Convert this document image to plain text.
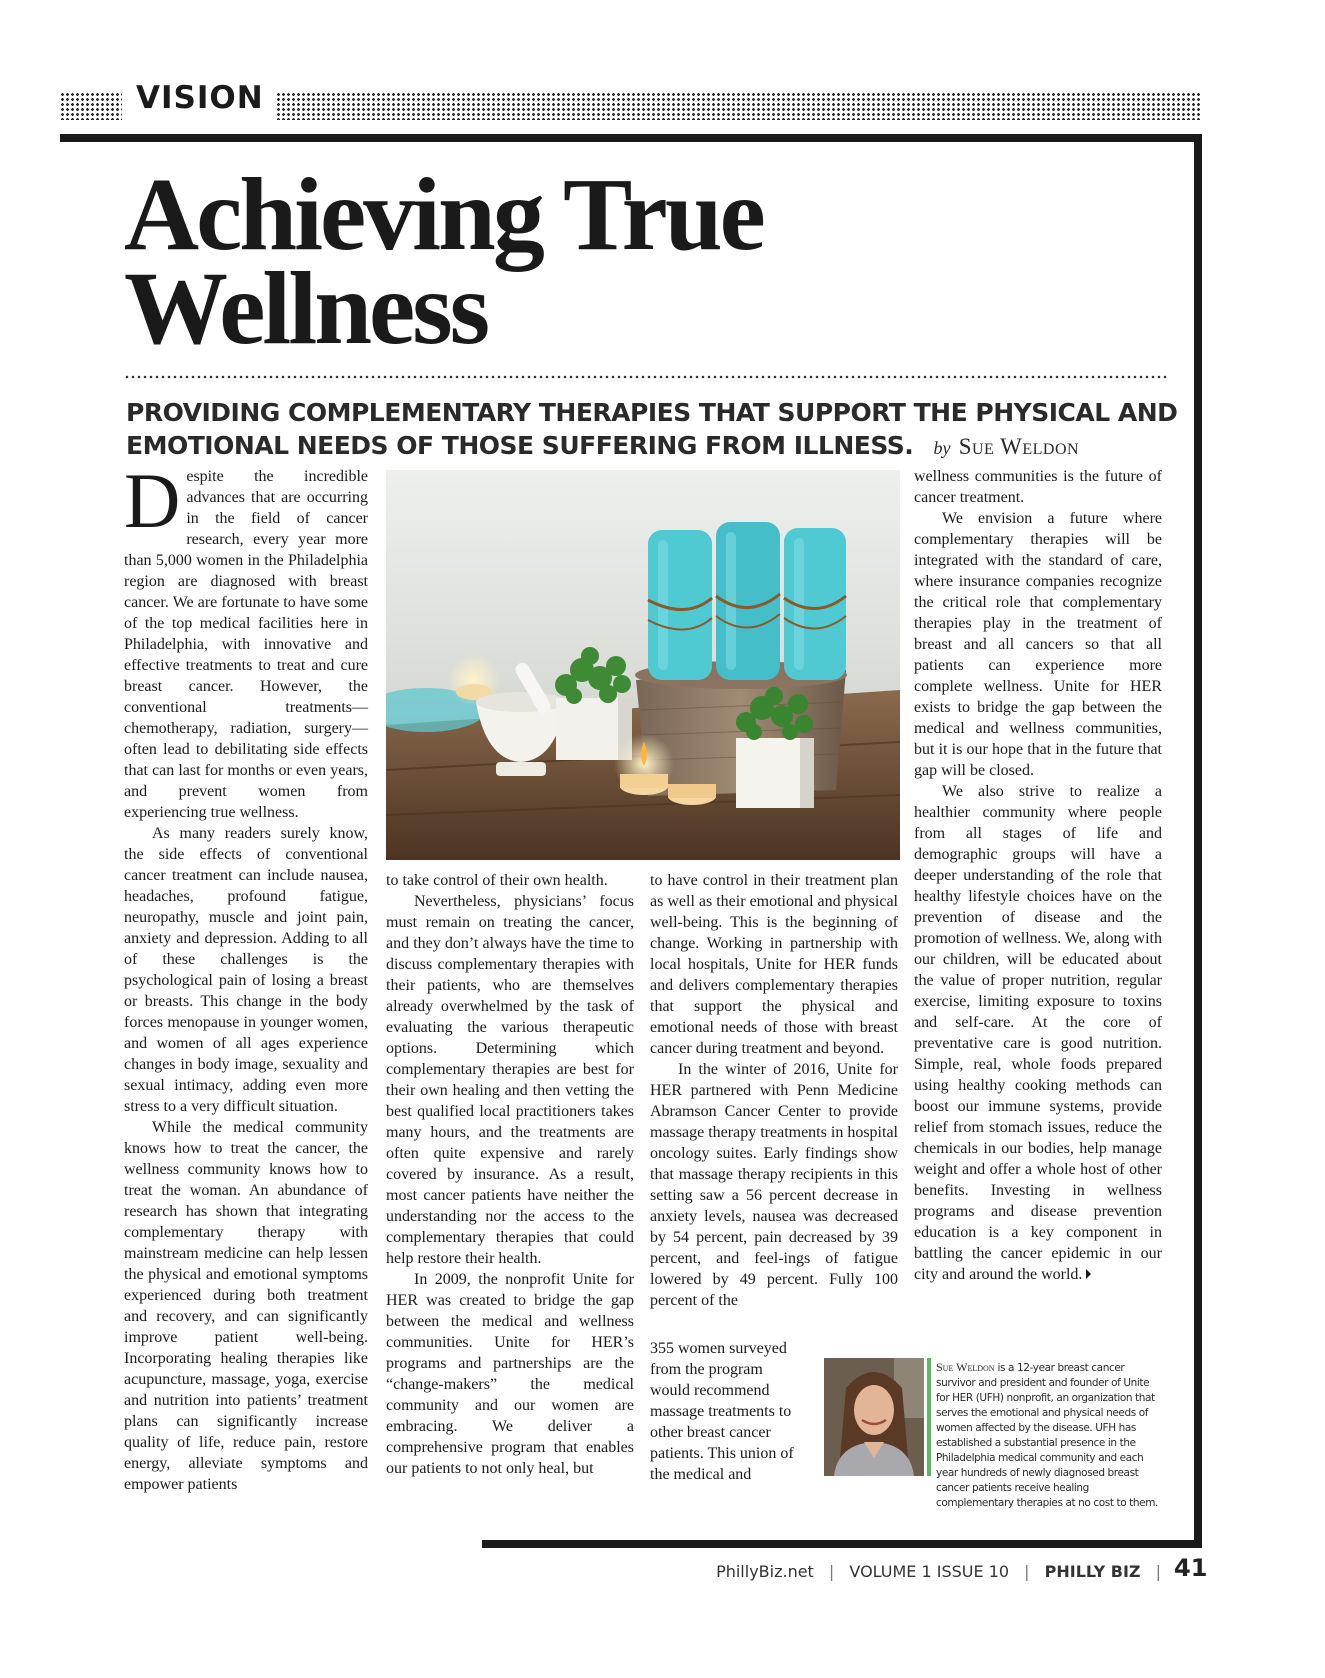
VISION
Achieving True
Wellness
PROVIDING COMPLEMENTARY THERAPIES THAT SUPPORT THE PHYSICAL AND
EMOTIONAL NEEDS OF THOSE SUFFERING FROM ILLNESS. by Sue Weldon

Despite the incredible advances that are occurring in the field of cancer research, every year more than 5,000 women in the Philadelphia region are diagnosed with breast cancer. We are fortunate to have some of the top medical facilities here in Philadelphia, with innovative and effective treatments to treat and cure breast cancer. However, the conventional treatments—chemotherapy, radiation, surgery—often lead to debilitating side effects that can last for months or even years, and prevent women from experiencing true wellness.

As many readers surely know, the side effects of conventional cancer treatment can include nausea, headaches, profound fatigue, neuropathy, muscle and joint pain, anxiety and depression. Adding to all of these challenges is the psychological pain of losing a breast or breasts. This change in the body forces menopause in younger women, and women of all ages experience changes in body image, sexuality and sexual intimacy, adding even more stress to a very difficult situation.

While the medical community knows how to treat the cancer, the wellness community knows how to treat the woman. An abundance of research has shown that integrating complementary therapy with mainstream medicine can help lessen the physical and emotional symptoms experienced during both treatment and recovery, and can significantly improve patient well-being. Incorporating healing therapies like acupuncture, massage, yoga, exercise and nutrition into patients’ treatment plans can significantly increase quality of life, reduce pain, restore energy, alleviate symptoms and empower patients

to take control of their own health.

Nevertheless, physicians’ focus must remain on treating the cancer, and they don’t always have the time to discuss complementary therapies with their patients, who are themselves already overwhelmed by the task of evaluating the various therapeutic options. Determining which complementary therapies are best for their own healing and then vetting the best qualified local practitioners takes many hours, and the treatments are often quite expensive and rarely covered by insurance. As a result, most cancer patients have neither the understanding nor the access to the complementary therapies that could help restore their health.

In 2009, the nonprofit Unite for HER was created to bridge the gap between the medical and wellness communities. Unite for HER’s programs and partnerships are the “change-makers” the medical community and our women are embracing. We deliver a comprehensive program that enables our patients to not only heal, but

to have control in their treatment plan as well as their emotional and physical well-being. This is the beginning of change. Working in partnership with local hospitals, Unite for HER funds and delivers complementary therapies that support the physical and emotional needs of those with breast cancer during treatment and beyond.

In the winter of 2016, Unite for HER partnered with Penn Medicine Abramson Cancer Center to provide massage therapy treatments in hospital oncology suites. Early findings show that massage therapy recipients in this setting saw a 56 percent decrease in anxiety levels, nausea was decreased by 54 percent, pain decreased by 39 percent, and feel-ings of fatigue lowered by 49 percent. Fully 100 percent of the

355 women surveyed from the program would recommend massage treatments to other breast cancer patients. This union of the medical and

wellness communities is the future of cancer treatment.

We envision a future where complementary therapies will be integrated with the standard of care, where insurance companies recognize the critical role that complementary therapies play in the treatment of breast and all cancers so that all patients can experience more complete wellness. Unite for HER exists to bridge the gap between the medical and wellness communities, but it is our hope that in the future that gap will be closed.

We also strive to realize a healthier community where people from all stages of life and demographic groups will have a deeper understanding of the role that healthy lifestyle choices have on the prevention of disease and the promotion of wellness. We, along with our children, will be educated about the value of proper nutrition, regular exercise, limiting exposure to toxins and self-care. At the core of preventative care is good nutrition. Simple, real, whole foods prepared using healthy cooking methods can boost our immune systems, provide relief from stomach issues, reduce the chemicals in our bodies, help manage weight and offer a whole host of other benefits. Investing in wellness programs and disease prevention education is a key component in battling the cancer epidemic in our city and around the world.

Sue Weldon is a 12-year breast cancer survivor and president and founder of Unite for HER (UFH) nonprofit, an organization that serves the emotional and physical needs of women affected by the disease. UFH has established a substantial presence in the Philadelphia medical community and each year hundreds of newly diagnosed breast cancer patients receive healing complementary therapies at no cost to them.
PhillyBiz.net | VOLUME 1 ISSUE 10 | PHILLY BIZ | 41
